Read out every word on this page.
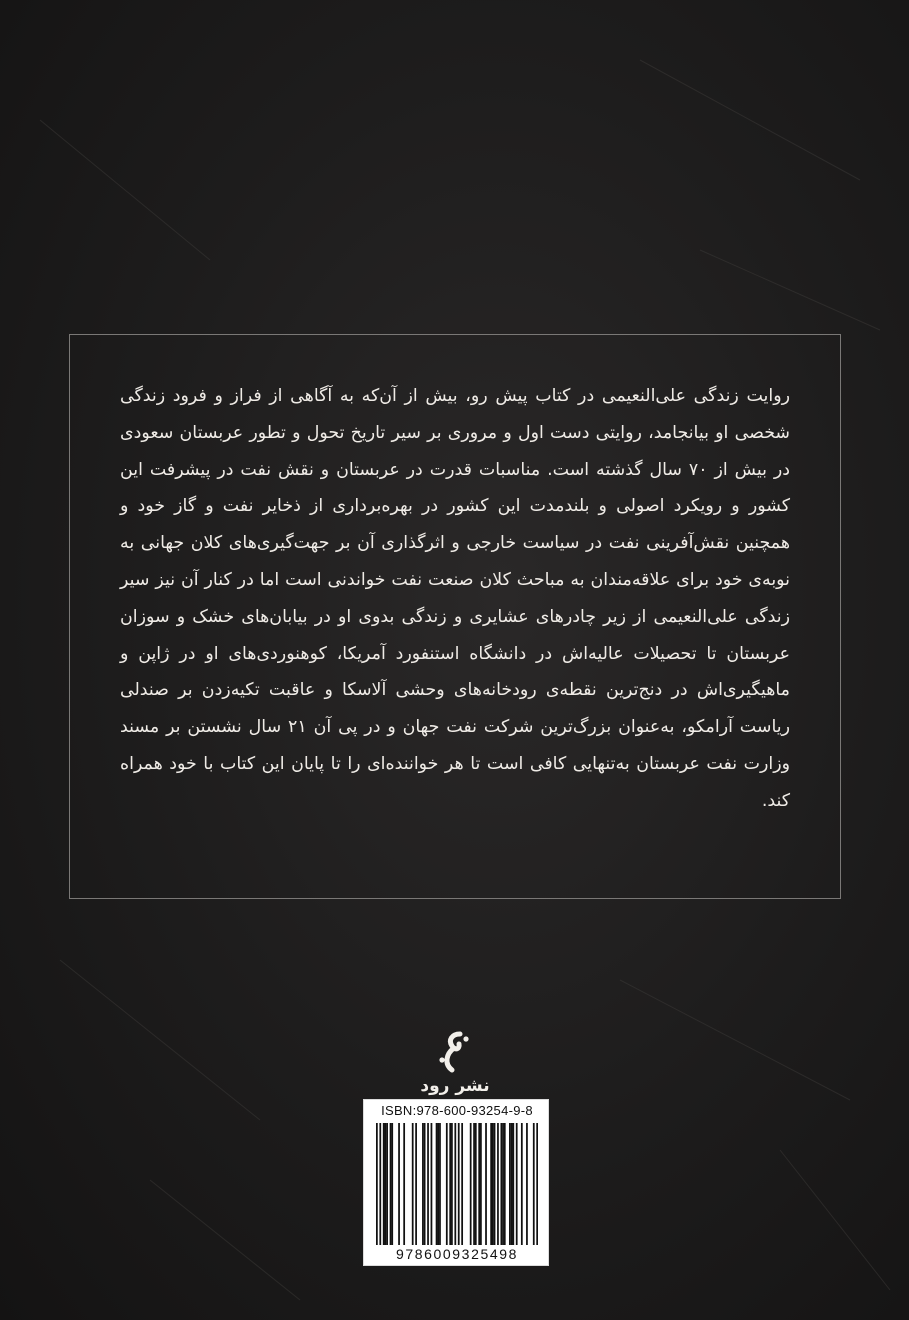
روایت زندگی علی‌النعیمی در کتاب پیش رو، بیش از آن‌که به آگاهی از فراز و فرود زندگی شخصی او بیانجامد، روایتی دست اول و مروری بر سیر تاریخ تحول و تطور عربستان سعودی در بیش از ۷۰ سال گذشته است. مناسبات قدرت در عربستان و نقش نفت در پیشرفت این کشور و رویکرد اصولی و بلندمدت این کشور در بهره‌برداری از ذخایر نفت و گاز خود و همچنین نقش‌آفرینی نفت در سیاست خارجی و اثرگذاری آن بر جهت‌گیری‌های کلان جهانی به نوبه‌ی خود برای علاقه‌مندان به مباحث کلان صنعت نفت خواندنی است اما در کنار آن نیز سیر زندگی علی‌النعیمی از زیر چادرهای عشایری و زندگی بدوی او در بیابان‌های خشک و سوزان عربستان تا تحصیلات عالیه‌اش در دانشگاه استنفورد آمریکا، کوهنوردی‌های او در ژاپن و ماهیگیری‌اش در دنج‌ترین نقطه‌ی رودخانه‌های وحشی آلاسکا و عاقبت تکیه‌زدن بر صندلی ریاست آرامکو، به‌عنوان بزرگ‌ترین شرکت نفت جهان و در پی آن ۲۱ سال نشستن بر مسند وزارت نفت عربستان به‌تنهایی کافی است تا هر خواننده‌ای را تا پایان این کتاب با خود همراه کند.

نشر رود
ISBN:978-600-93254-9-8
9786009325498
